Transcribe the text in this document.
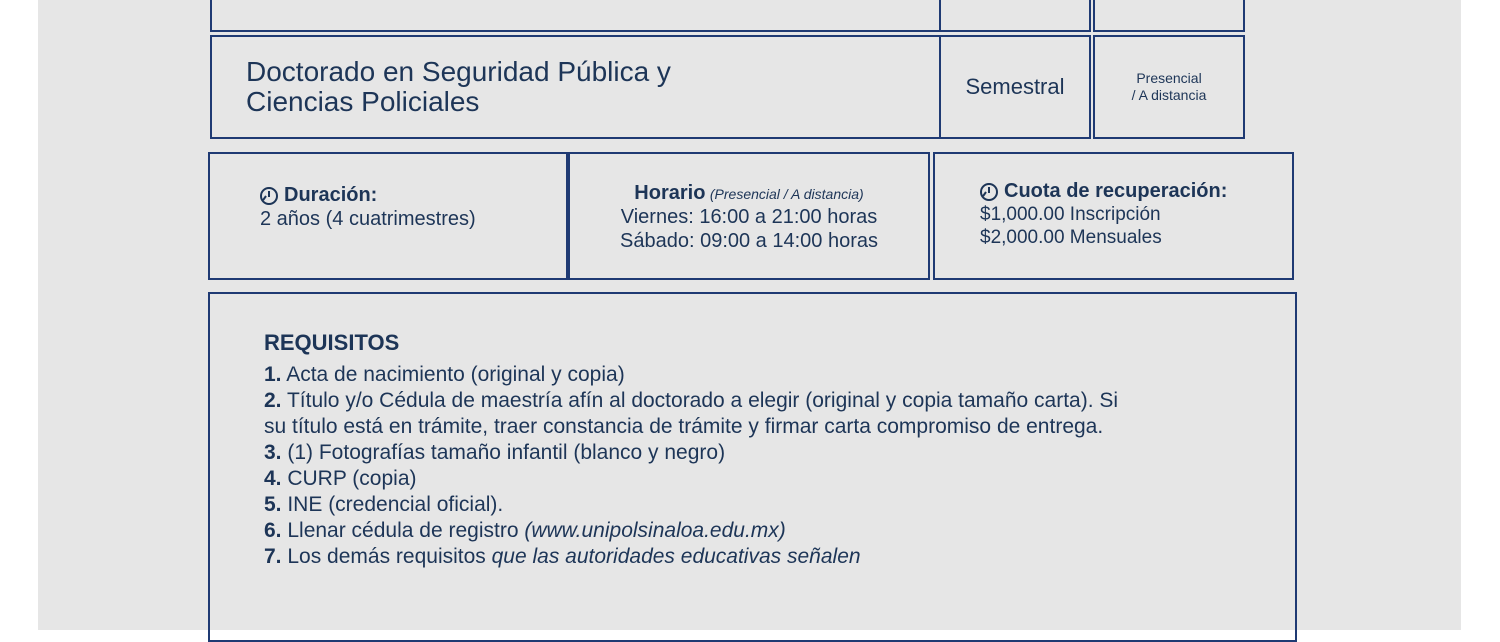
Doctorado en Seguridad Pública y
Ciencias Policiales	Semestral	Presencial
/ A distancia
Duración:
2 años (4 cuatrimestres)
Horario (Presencial / A distancia)
Viernes: 16:00 a 21:00 horas
Sábado: 09:00 a 14:00 horas
Cuota de recuperación:
$1,000.00 Inscripción
$2,000.00 Mensuales
REQUISITOS
1. Acta de nacimiento (original y copia)
2. Título y/o Cédula de maestría afín al doctorado a elegir (original y copia tamaño carta). Si
su título está en trámite, traer constancia de trámite y firmar carta compromiso de entrega.
3. (1) Fotografías tamaño infantil (blanco y negro)
4. CURP (copia)
5. INE (credencial oficial).
6. Llenar cédula de registro (www.unipolsinaloa.edu.mx)
7. Los demás requisitos que las autoridades educativas señalen
